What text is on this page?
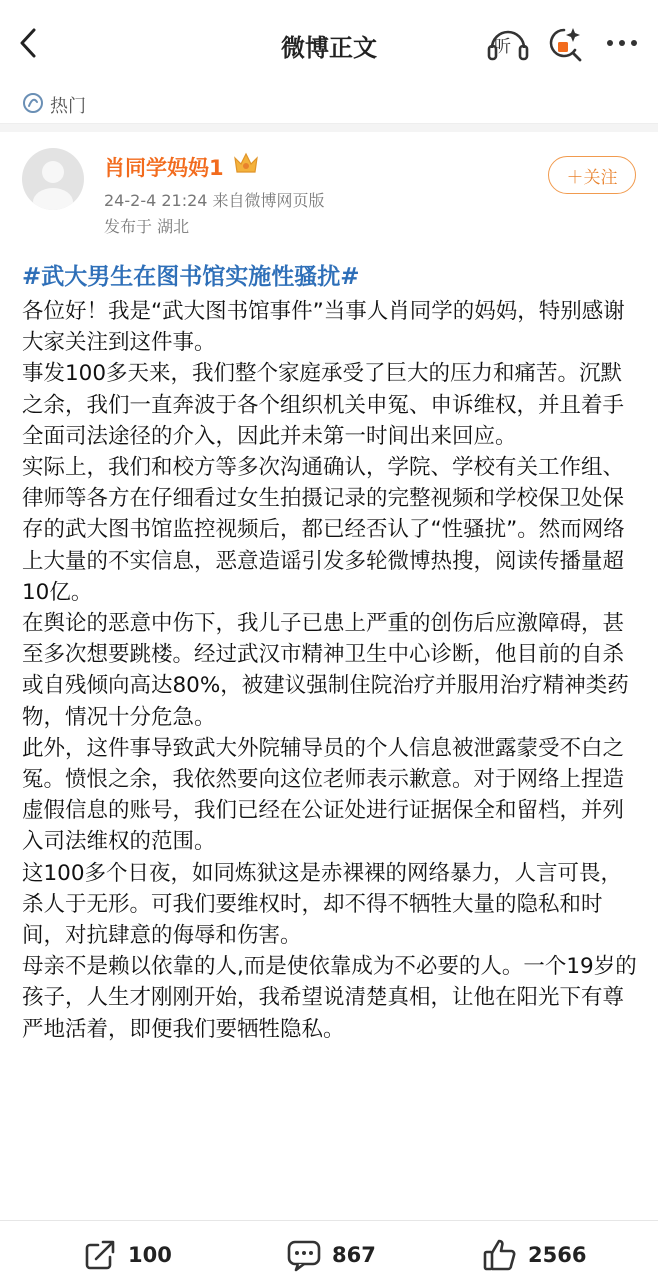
微博正文	听
热门
肖同学妈妈1
24-2-4 21:24 来自微博网页版
发布于 湖北
＋关注
#武大男生在图书馆实施性骚扰#

各位好！我是“武大图书馆事件”当事人肖同学的妈妈，特别感谢大家关注到这件事。

事发100多天来，我们整个家庭承受了巨大的压力和痛苦。沉默之余，我们一直奔波于各个组织机关申冤、申诉维权，并且着手全面司法途径的介入，因此并未第一时间出来回应。

实际上，我们和校方等多次沟通确认，学院、学校有关工作组、律师等各方在仔细看过女生拍摄记录的完整视频和学校保卫处保存的武大图书馆监控视频后，都已经否认了“性骚扰”。然而网络上大量的不实信息，恶意造谣引发多轮微博热搜，阅读传播量超10亿。

在舆论的恶意中伤下，我儿子已患上严重的创伤后应激障碍，甚至多次想要跳楼。经过武汉市精神卫生中心诊断，他目前的自杀或自残倾向高达80%，被建议强制住院治疗并服用治疗精神类药物，情况十分危急。

此外，这件事导致武大外院辅导员的个人信息被泄露蒙受不白之冤。愤恨之余，我依然要向这位老师表示歉意。对于网络上捏造虚假信息的账号，我们已经在公证处进行证据保全和留档，并列入司法维权的范围。

这100多个日夜，如同炼狱这是赤裸裸的网络暴力，人言可畏，杀人于无形。可我们要维权时，却不得不牺牲大量的隐私和时间，对抗肆意的侮辱和伤害。

母亲不是赖以依靠的人,而是使依靠成为不必要的人。一个19岁的孩子，人生才刚刚开始，我希望说清楚真相，让他在阳光下有尊严地活着，即便我们要牺牲隐私。

100	867	2566
